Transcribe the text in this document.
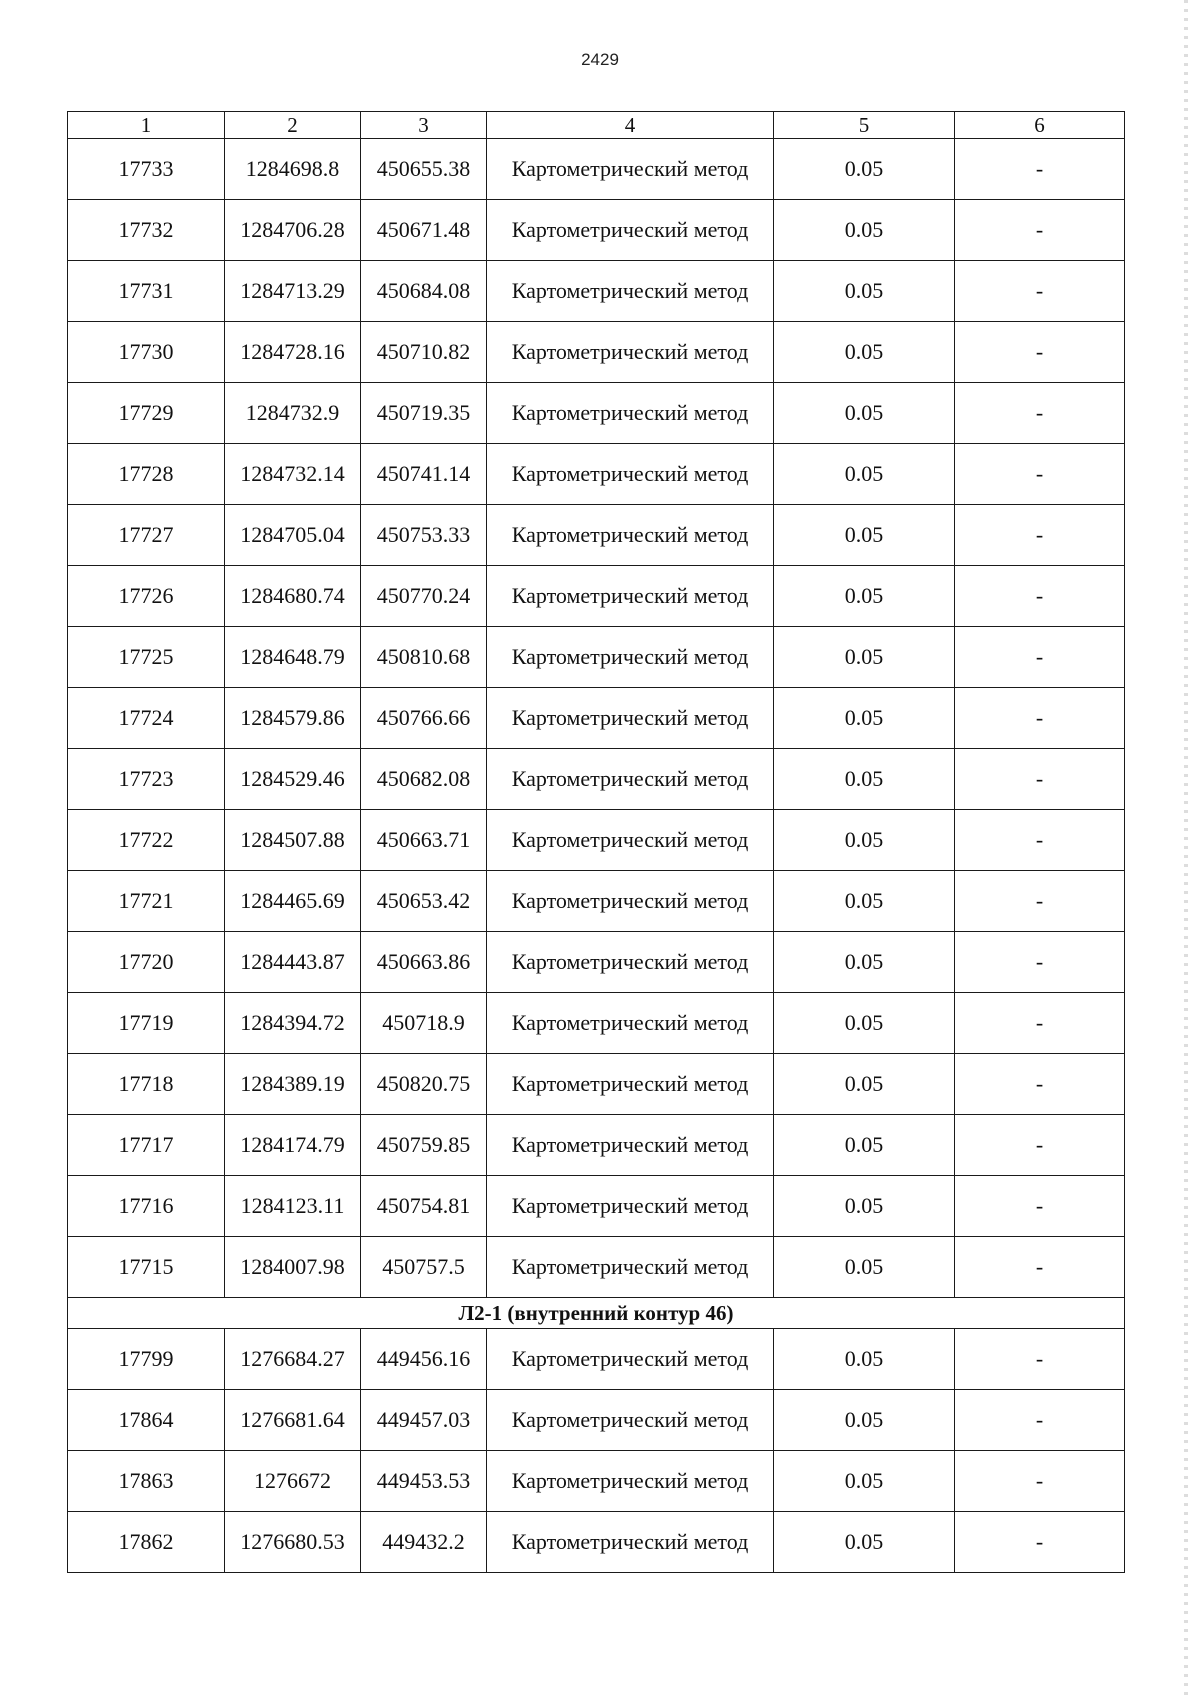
2429
1	2	3	4	5	6
17733	1284698.8	450655.38	Картометрический метод	0.05	-
17732	1284706.28	450671.48	Картометрический метод	0.05	-
17731	1284713.29	450684.08	Картометрический метод	0.05	-
17730	1284728.16	450710.82	Картометрический метод	0.05	-
17729	1284732.9	450719.35	Картометрический метод	0.05	-
17728	1284732.14	450741.14	Картометрический метод	0.05	-
17727	1284705.04	450753.33	Картометрический метод	0.05	-
17726	1284680.74	450770.24	Картометрический метод	0.05	-
17725	1284648.79	450810.68	Картометрический метод	0.05	-
17724	1284579.86	450766.66	Картометрический метод	0.05	-
17723	1284529.46	450682.08	Картометрический метод	0.05	-
17722	1284507.88	450663.71	Картометрический метод	0.05	-
17721	1284465.69	450653.42	Картометрический метод	0.05	-
17720	1284443.87	450663.86	Картометрический метод	0.05	-
17719	1284394.72	450718.9	Картометрический метод	0.05	-
17718	1284389.19	450820.75	Картометрический метод	0.05	-
17717	1284174.79	450759.85	Картометрический метод	0.05	-
17716	1284123.11	450754.81	Картометрический метод	0.05	-
17715	1284007.98	450757.5	Картометрический метод	0.05	-
Л2-1 (внутренний контур 46)					
17799	1276684.27	449456.16	Картометрический метод	0.05	-
17864	1276681.64	449457.03	Картометрический метод	0.05	-
17863	1276672	449453.53	Картометрический метод	0.05	-
17862	1276680.53	449432.2	Картометрический метод	0.05	-
